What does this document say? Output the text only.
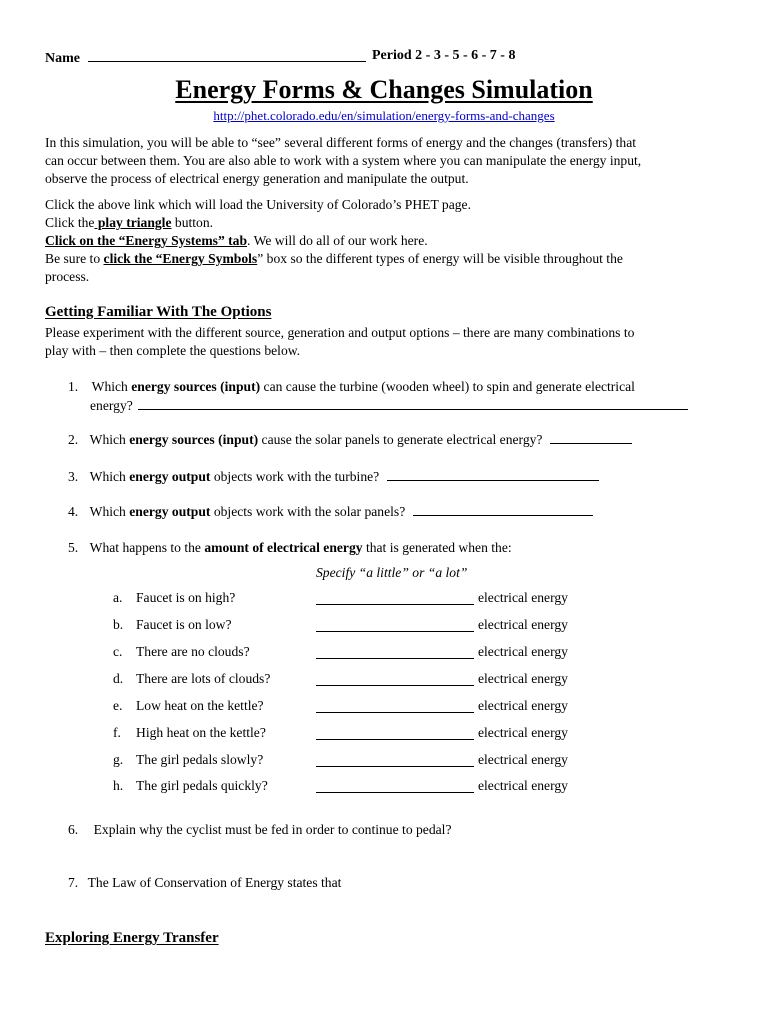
Name	Period 2 - 3 - 5 - 6 - 7 - 8
Energy Forms & Changes Simulation
http://phet.colorado.edu/en/simulation/energy-forms-and-changes
In this simulation, you will be able to “see” several different forms of energy and the changes (transfers) that
can occur between them. You are also able to work with a system where you can manipulate the energy input,
observe the process of electrical energy generation and manipulate the output.
Click the above link which will load the University of Colorado’s PHET page.
Click the play triangle button.
Click on the “Energy Systems” tab. We will do all of our work here.
Be sure to click the “Energy Symbols” box so the different types of energy will be visible throughout the
process.
Getting Familiar With The Options
Please experiment with the different source, generation and output options – there are many combinations to
play with – then complete the questions below.
1. Which energy sources (input) can cause the turbine (wooden wheel) to spin and generate electrical
energy?
2. Which energy sources (input) cause the solar panels to generate electrical energy?
3. Which energy output objects work with the turbine?
4. Which energy output objects work with the solar panels?
5. What happens to the amount of electrical energy that is generated when the:
Specify “a little” or “a lot”
a. Faucet is on high?	electrical energy
b. Faucet is on low?	electrical energy
c. There are no clouds?	electrical energy
d. There are lots of clouds?	electrical energy
e. Low heat on the kettle?	electrical energy
f. High heat on the kettle?	electrical energy
g. The girl pedals slowly?	electrical energy
h. The girl pedals quickly?	electrical energy
6. Explain why the cyclist must be fed in order to continue to pedal?
7. The Law of Conservation of Energy states that
Exploring Energy Transfer
